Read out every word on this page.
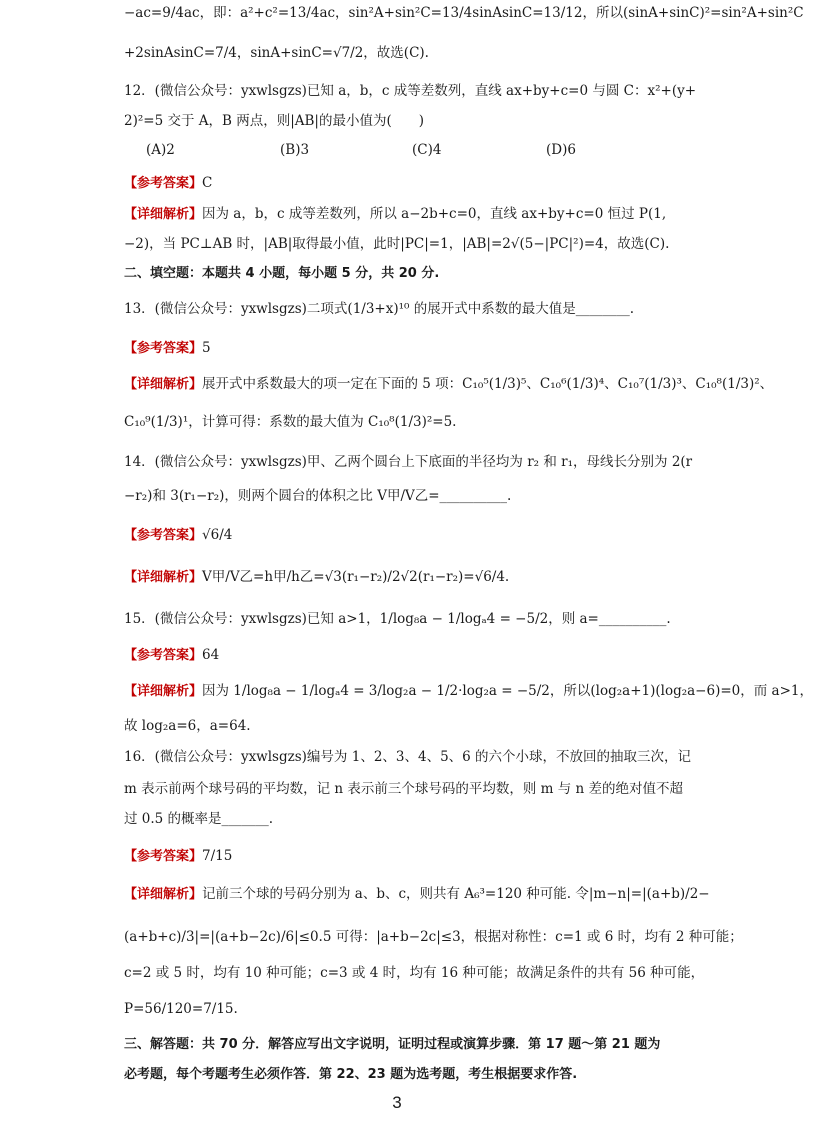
−ac=9/4ac，即：a²+c²=13/4ac，sin²A+sin²C=13/4sinAsinC=13/12，所以(sinA+sinC)²=sin²A+sin²C
+2sinAsinC=7/4，sinA+sinC=√7/2，故选(C).
12．(微信公众号：yxwlsgzs)已知 a，b，c 成等差数列，直线 ax+by+c=0 与圆 C：x²+(y+
2)²=5 交于 A，B 两点，则|AB|的最小值为(　　)
(A)2	(B)3	(C)4	(D)6
【参考答案】C
【详细解析】因为 a，b，c 成等差数列，所以 a−2b+c=0，直线 ax+by+c=0 恒过 P(1,
−2)，当 PC⊥AB 时，|AB|取得最小值，此时|PC|=1，|AB|=2√(5−|PC|²)=4，故选(C).
二、填空题：本题共 4 小题，每小题 5 分，共 20 分.
13．(微信公众号：yxwlsgzs)二项式(1/3+x)¹⁰ 的展开式中系数的最大值是________.
【参考答案】5
【详细解析】展开式中系数最大的项一定在下面的 5 项：C₁₀⁵(1/3)⁵、C₁₀⁶(1/3)⁴、C₁₀⁷(1/3)³、C₁₀⁸(1/3)²、
C₁₀⁹(1/3)¹，计算可得：系数的最大值为 C₁₀⁸(1/3)²=5.
14．(微信公众号：yxwlsgzs)甲、乙两个圆台上下底面的半径均为 r₂ 和 r₁，母线长分别为 2(r
−r₂)和 3(r₁−r₂)，则两个圆台的体积之比 V甲/V乙=__________.
【参考答案】√6/4
【详细解析】V甲/V乙=h甲/h乙=√3(r₁−r₂)/2√2(r₁−r₂)=√6/4.
15．(微信公众号：yxwlsgzs)已知 a>1，1/log₈a − 1/logₐ4 = −5/2，则 a=__________.
【参考答案】64
【详细解析】因为 1/log₈a − 1/logₐ4 = 3/log₂a − 1/2·log₂a = −5/2，所以(log₂a+1)(log₂a−6)=0，而 a>1，
故 log₂a=6，a=64.
16．(微信公众号：yxwlsgzs)编号为 1、2、3、4、5、6 的六个小球，不放回的抽取三次，记
m 表示前两个球号码的平均数，记 n 表示前三个球号码的平均数，则 m 与 n 差的绝对值不超
过 0.5 的概率是_______.
【参考答案】7/15
【详细解析】记前三个球的号码分别为 a、b、c，则共有 A₆³=120 种可能. 令|m−n|=|(a+b)/2−
(a+b+c)/3|=|(a+b−2c)/6|≤0.5 可得：|a+b−2c|≤3，根据对称性：c=1 或 6 时，均有 2 种可能；
c=2 或 5 时，均有 10 种可能；c=3 或 4 时，均有 16 种可能；故满足条件的共有 56 种可能，
P=56/120=7/15.
三、解答题：共 70 分．解答应写出文字说明，证明过程或演算步骤．第 17 题～第 21 题为
必考题，每个考题考生必须作答．第 22、23 题为选考题，考生根据要求作答.
3
